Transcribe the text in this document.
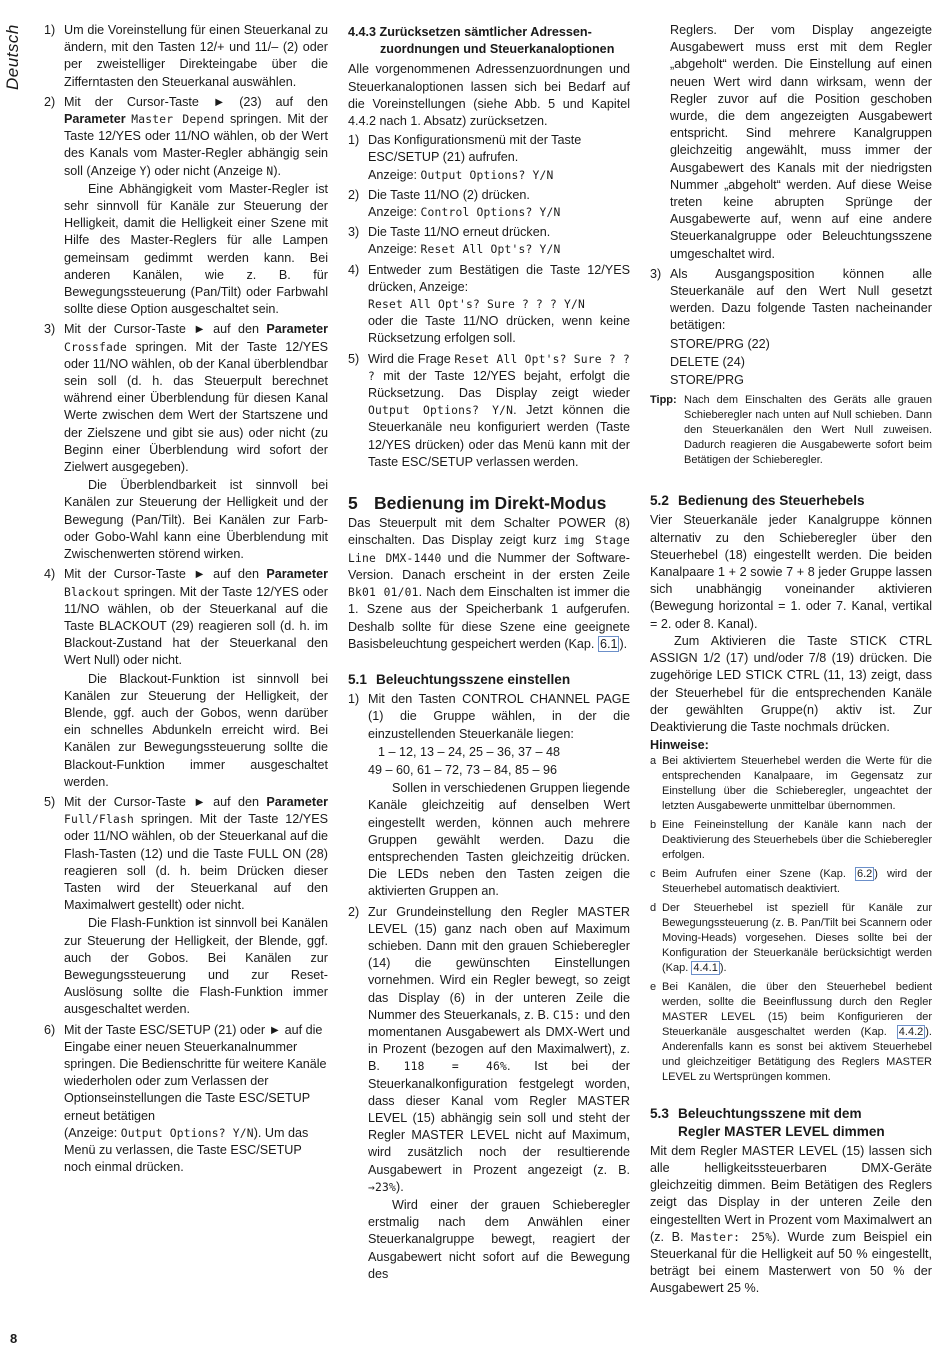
Deutsch	1) Um die Voreinstellung für einen Steuerkanal zu ändern, mit den Tasten 12/+ und 11/– (2) oder per zweistelliger Direkteingabe über die Zifferntasten den Steuerkanal auswählen.

2) Mit der Cursor-Taste ► (23) auf den Parameter Master Depend springen. Mit der Taste 12/YES oder 11/NO wählen, ob der Wert des Kanals vom Master-Regler abhängig sein soll (Anzeige Y) oder nicht (Anzeige N).

Eine Abhängigkeit vom Master-Regler ist sehr sinnvoll für Kanäle zur Steuerung der Helligkeit, damit die Helligkeit einer Szene mit Hilfe des Master-Reglers für alle Lampen gemeinsam gedimmt werden kann. Bei anderen Kanälen, wie z. B. für Bewegungssteuerung (Pan/Tilt) oder Farbwahl sollte diese Option ausgeschaltet sein.

3) Mit der Cursor-Taste ► auf den Parameter Crossfade springen. Mit der Taste 12/YES oder 11/NO wählen, ob der Kanal überblendbar sein soll (d. h. das Steuerpult berechnet während einer Überblendung für diesen Kanal Werte zwischen dem Wert der Startszene und der Zielszene und gibt sie aus) oder nicht (zu Beginn einer Überblendung wird sofort der Zielwert ausgegeben).

Die Überblendbarkeit ist sinnvoll bei Kanälen zur Steuerung der Helligkeit und der Bewegung (Pan/Tilt). Bei Kanälen zur Farb- oder Gobo-Wahl kann eine Überblendung mit Zwischenwerten störend wirken.

4) Mit der Cursor-Taste ► auf den Parameter Blackout springen. Mit der Taste 12/YES oder 11/NO wählen, ob der Steuerkanal auf die Taste BLACKOUT (29) reagieren soll (d. h. im Blackout-Zustand hat der Steuerkanal den Wert Null) oder nicht.

Die Blackout-Funktion ist sinnvoll bei Kanälen zur Steuerung der Helligkeit, der Blende, ggf. auch der Gobos, wenn darüber ein schnelles Abdunkeln erreicht wird. Bei Kanälen zur Bewegungssteuerung sollte die Blackout-Funktion immer ausgeschaltet werden.

5) Mit der Cursor-Taste ► auf den Parameter Full/Flash springen. Mit der Taste 12/YES oder 11/NO wählen, ob der Steuerkanal auf die Flash-Tasten (12) und die Taste FULL ON (28) reagieren soll (d. h. beim Drücken dieser Tasten wird der Steuerkanal auf den Maximalwert gestellt) oder nicht.

Die Flash-Funktion ist sinnvoll bei Kanälen zur Steuerung der Helligkeit, der Blende, ggf. auch der Gobos. Bei Kanälen zur Bewegungssteuerung und zur Reset-Auslösung sollte die Flash-Funktion immer ausgeschaltet werden.

6) Mit der Taste ESC/SETUP (21) oder ► auf die Eingabe einer neuen Steuerkanalnummer springen. Die Bedienschritte für weitere Kanäle wiederholen oder zum Verlassen der Optionseinstellungen die Taste ESC/SETUP erneut betätigen
(Anzeige: Output Options? Y/N). Um das Menü zu verlassen, die Taste ESC/SETUP noch einmal drücken.

4.4.3 Zurücksetzen sämtlicher Adressen-
zuordnungen und Steuerkanaloptionen

Alle vorgenommenen Adressenzuordnungen und Steuerkanaloptionen lassen sich bei Bedarf auf die Voreinstellungen (siehe Abb. 5 und Kapitel 4.4.2 nach 1. Absatz) zurücksetzen.

1) Das Konfigurationsmenü mit der Taste ESC/SETUP (21) aufrufen.
Anzeige: Output Options? Y/N

2) Die Taste 11/NO (2) drücken.
Anzeige: Control Options? Y/N

3) Die Taste 11/NO erneut drücken.
Anzeige: Reset All Opt's? Y/N

4) Entweder zum Bestätigen die Taste 12/YES drücken, Anzeige:
Reset All Opt's? Sure ? ? ? Y/N
oder die Taste 11/NO drücken, wenn keine Rücksetzung erfolgen soll.

5) Wird die Frage Reset All Opt's? Sure ? ? ? mit der Taste 12/YES bejaht, erfolgt die Rücksetzung. Das Display zeigt wieder Output Options? Y/N. Jetzt können die Steuerkanäle neu konfiguriert werden (Taste 12/YES drücken) oder das Menü kann mit der Taste ESC/SETUP verlassen werden.

5 Bedienung im Direkt-Modus

Das Steuerpult mit dem Schalter POWER (8) einschalten. Das Display zeigt kurz img Stage Line DMX-1440 und die Nummer der Software-Version. Danach erscheint in der ersten Zeile Bk01 01/01. Nach dem Einschalten ist immer die 1. Szene aus der Speicherbank 1 aufgerufen. Deshalb sollte für diese Szene eine geeignete Basisbeleuchtung gespeichert werden (Kap. 6.1 ).

5.1 Beleuchtungsszene einstellen
1) Mit den Tasten CONTROL CHANNEL PAGE (1) die Gruppe wählen, in der die einzustellenden Steuerkanäle liegen:

1 – 12, 13 – 24, 25 – 36, 37 – 48

49 – 60, 61 – 72, 73 – 84, 85 – 96

Sollen in verschiedenen Gruppen liegende Kanäle gleichzeitig auf denselben Wert eingestellt werden, können auch mehrere Gruppen gewählt werden. Dazu die entsprechenden Tasten gleichzeitig drücken. Die LEDs neben den Tasten zeigen die aktivierten Gruppen an.

2) Zur Grundeinstellung den Regler MASTER LEVEL (15) ganz nach oben auf Maximum schieben. Dann mit den grauen Schieberegler (14) die gewünschten Einstellungen vornehmen. Wird ein Regler bewegt, so zeigt das Display (6) in der unteren Zeile die Nummer des Steuerkanals, z. B. C15: und den momentanen Ausgabewert als DMX-Wert und in Prozent (bezogen auf den Maximalwert), z. B. 118 = 46%. Ist bei der Steuerkanalkonfiguration festgelegt worden, dass dieser Kanal vom Regler MASTER LEVEL (15) abhängig sein soll und steht der Regler MASTER LEVEL nicht auf Maximum, wird zusätzlich noch der resultierende Ausgabewert in Prozent angezeigt (z. B. →23%).

Wird einer der grauen Schieberegler erstmalig nach dem Anwählen einer Steuerkanalgruppe bewegt, reagiert der Ausgabewert nicht sofort auf die Bewegung des

Reglers. Der vom Display angezeigte Ausgabewert muss erst mit dem Regler „abgeholt“ werden. Die Einstellung auf einen neuen Wert wird dann wirksam, wenn der Regler zuvor auf die Position geschoben wurde, die dem angezeigten Ausgabewert entspricht. Sind mehrere Kanalgruppen gleichzeitig angewählt, muss immer der Ausgabewert des Kanals mit der niedrigsten Nummer „abgeholt“ werden. Auf diese Weise treten keine abrupten Sprünge der Ausgabewerte auf, wenn auf eine andere Steuerkanalgruppe oder Beleuchtungsszene umgeschaltet wird.

3) Als Ausgangsposition können alle Steuerkanäle auf den Wert Null gesetzt werden. Dazu folgende Tasten nacheinander betätigen:

STORE/PRG (22)

DELETE (24)

STORE/PRG

Tipp: Nach dem Einschalten des Geräts alle grauen Schieberegler nach unten auf Null schieben. Dann den Steuerkanälen den Wert Null zuweisen. Dadurch reagieren die Ausgabewerte sofort beim Betätigen der Schieberegler.
5.2 Bedienung des Steuerhebels

Vier Steuerkanäle jeder Kanalgruppe können alternativ zu den Schieberegler über den Steuerhebel (18) eingestellt werden. Die beiden Kanalpaare 1 + 2 sowie 7 + 8 jeder Gruppe lassen sich unabhängig voneinander aktivieren (Bewegung horizontal = 1. oder 7. Kanal, vertikal = 2. oder 8. Kanal).

Zum Aktivieren die Taste STICK CTRL ASSIGN 1/2 (17) und/oder 7/8 (19) drücken. Die zugehörige LED STICK CTRL (11, 13) zeigt, dass der Steuerhebel für die entsprechenden Kanäle der gewählten Gruppe(n) aktiv ist. Zur Deaktivierung die Taste nochmals drücken.

Hinweise:
a Bei aktiviertem Steuerhebel werden die Werte für die entsprechenden Kanalpaare, im Gegensatz zur Einstellung über die Schieberegler, ungeachtet der letzten Ausgabewerte unmittelbar übernommen.
b Eine Feineinstellung der Kanäle kann nach der Deaktivierung des Steuerhebels über die Schieberegler erfolgen.
c Beim Aufrufen einer Szene (Kap. 6.2 ) wird der Steuerhebel automatisch deaktiviert.
d Der Steuerhebel ist speziell für Kanäle zur Bewegungssteuerung (z. B. Pan/Tilt bei Scannern oder Moving-Heads) vorgesehen. Dieses sollte bei der Konfiguration der Steuerkanäle berücksichtigt werden (Kap. 4.4.1 ).
e Bei Kanälen, die über den Steuerhebel bedient werden, sollte die Beeinflussung durch den Regler MASTER LEVEL (15) beim Konfigurieren der Steuerkanäle ausgeschaltet werden (Kap. 4.4.2 ). Anderenfalls kann es sonst bei aktivem Steuerhebel und gleichzeitiger Betätigung des Reglers MASTER LEVEL zu Wertsprüngen kommen.
5.3 Beleuchtungsszene mit dem
Regler MASTER LEVEL dimmen

Mit dem Regler MASTER LEVEL (15) lassen sich alle helligkeitssteuerbaren DMX-Geräte gleichzeitig dimmen. Beim Betätigen des Reglers zeigt das Display in der unteren Zeile den eingestellten Wert in Prozent vom Maximalwert an (z. B. Master: 25%). Wurde zum Beispiel ein Steuerkanal für die Helligkeit auf 50 % eingestellt, beträgt bei einem Masterwert von 50 % der Ausgabewert 25 %.

8
